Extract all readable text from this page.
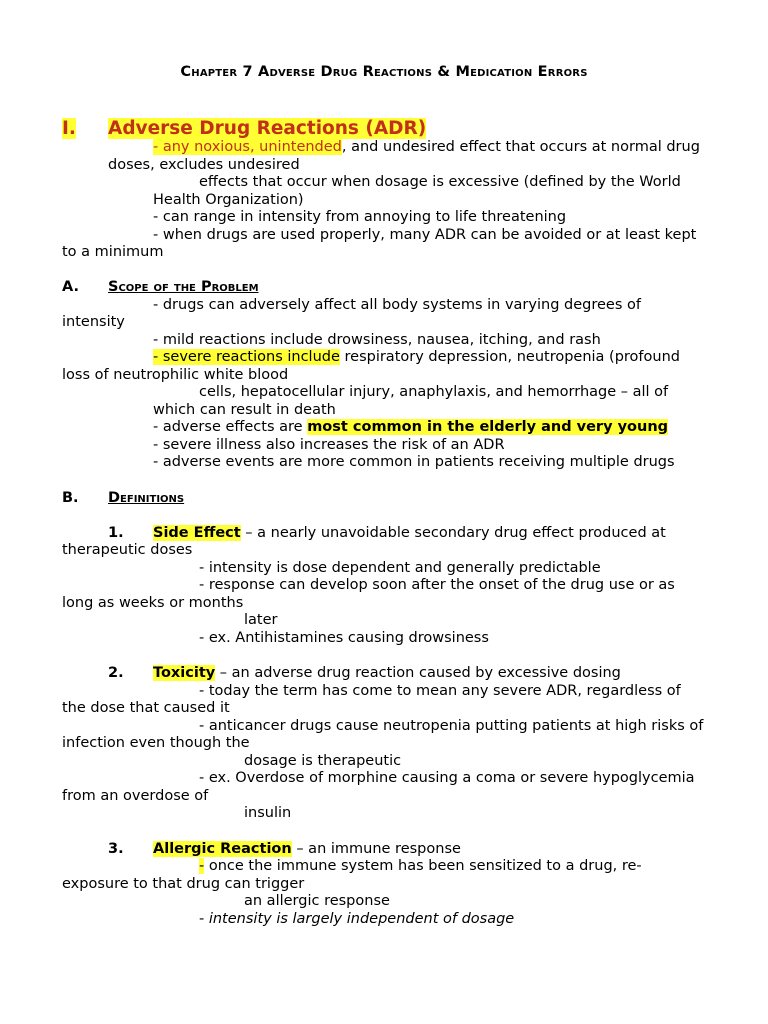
Chapter 7 Adverse Drug Reactions & Medication Errors
I. Adverse Drug Reactions (ADR)
- any noxious, unintended, and undesired effect that occurs at normal drug
doses, excludes undesired
effects that occur when dosage is excessive (defined by the World
Health Organization)
- can range in intensity from annoying to life threatening
- when drugs are used properly, many ADR can be avoided or at least kept
to a minimum
A. Scope of the Problem
- drugs can adversely affect all body systems in varying degrees of
intensity
- mild reactions include drowsiness, nausea, itching, and rash
- severe reactions include respiratory depression, neutropenia (profound
loss of neutrophilic white blood
cells, hepatocellular injury, anaphylaxis, and hemorrhage – all of
which can result in death
- adverse effects are most common in the elderly and very young
- severe illness also increases the risk of an ADR
- adverse events are more common in patients receiving multiple drugs
B. Definitions
1. Side Effect – a nearly unavoidable secondary drug effect produced at
therapeutic doses
- intensity is dose dependent and generally predictable
- response can develop soon after the onset of the drug use or as
long as weeks or months
later
- ex. Antihistamines causing drowsiness
2. Toxicity – an adverse drug reaction caused by excessive dosing
- today the term has come to mean any severe ADR, regardless of
the dose that caused it
- anticancer drugs cause neutropenia putting patients at high risks of
infection even though the
dosage is therapeutic
- ex. Overdose of morphine causing a coma or severe hypoglycemia
from an overdose of
insulin
3. Allergic Reaction – an immune response
- once the immune system has been sensitized to a drug, re-
exposure to that drug can trigger
an allergic response
- intensity is largely independent of dosage
